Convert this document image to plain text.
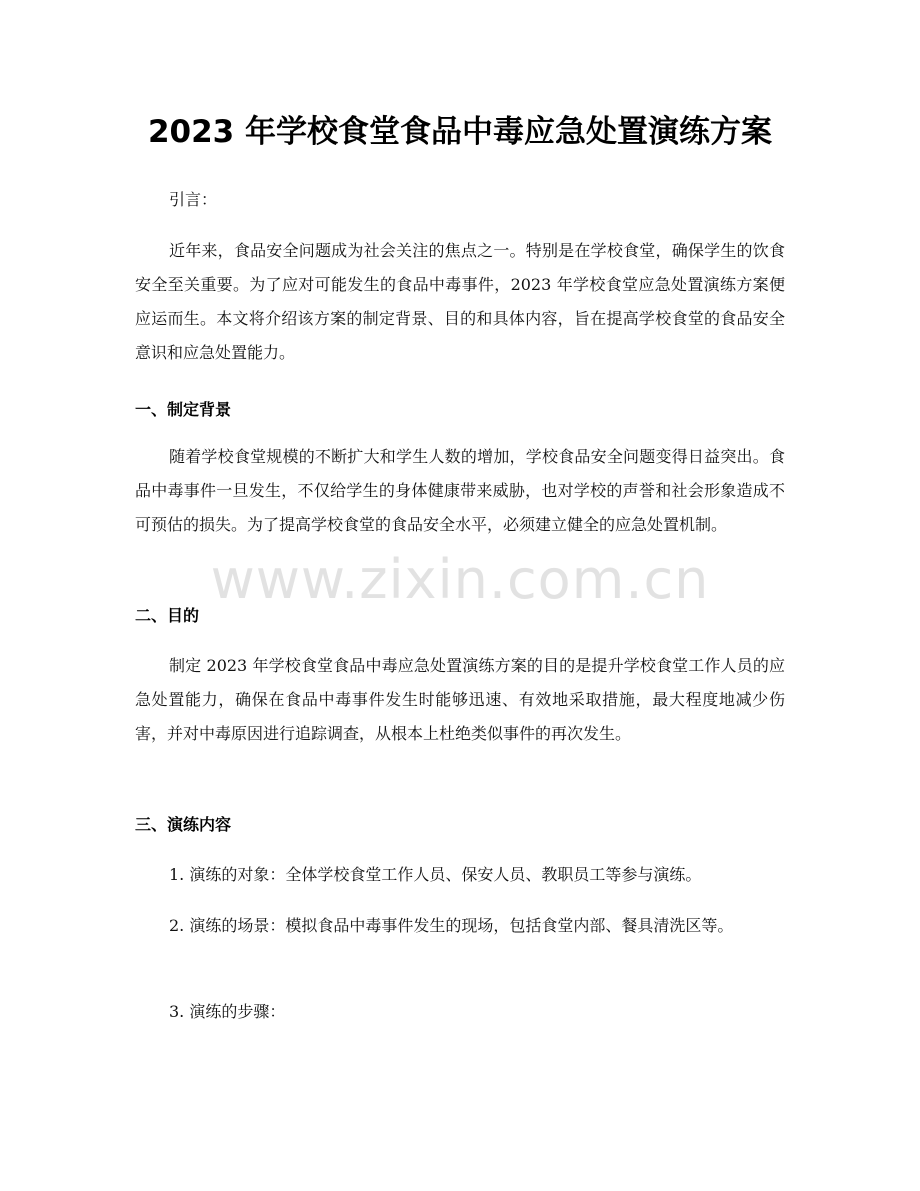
2023 年学校食堂食品中毒应急处置演练方案

引言：

近年来，食品安全问题成为社会关注的焦点之一。特别是在学校食堂，确保学生的饮食安全至关重要。为了应对可能发生的食品中毒事件，2023 年学校食堂应急处置演练方案便应运而生。本文将介绍该方案的制定背景、目的和具体内容，旨在提高学校食堂的食品安全意识和应急处置能力。

一、制定背景

随着学校食堂规模的不断扩大和学生人数的增加，学校食品安全问题变得日益突出。食品中毒事件一旦发生，不仅给学生的身体健康带来威胁，也对学校的声誉和社会形象造成不可预估的损失。为了提高学校食堂的食品安全水平，必须建立健全的应急处置机制。

二、目的

制定 2023 年学校食堂食品中毒应急处置演练方案的目的是提升学校食堂工作人员的应急处置能力，确保在食品中毒事件发生时能够迅速、有效地采取措施，最大程度地减少伤害，并对中毒原因进行追踪调查，从根本上杜绝类似事件的再次发生。

三、演练内容

1. 演练的对象：全体学校食堂工作人员、保安人员、教职员工等参与演练。

2. 演练的场景：模拟食品中毒事件发生的现场，包括食堂内部、餐具清洗区等。

3. 演练的步骤：

www.zixin.com.cn
